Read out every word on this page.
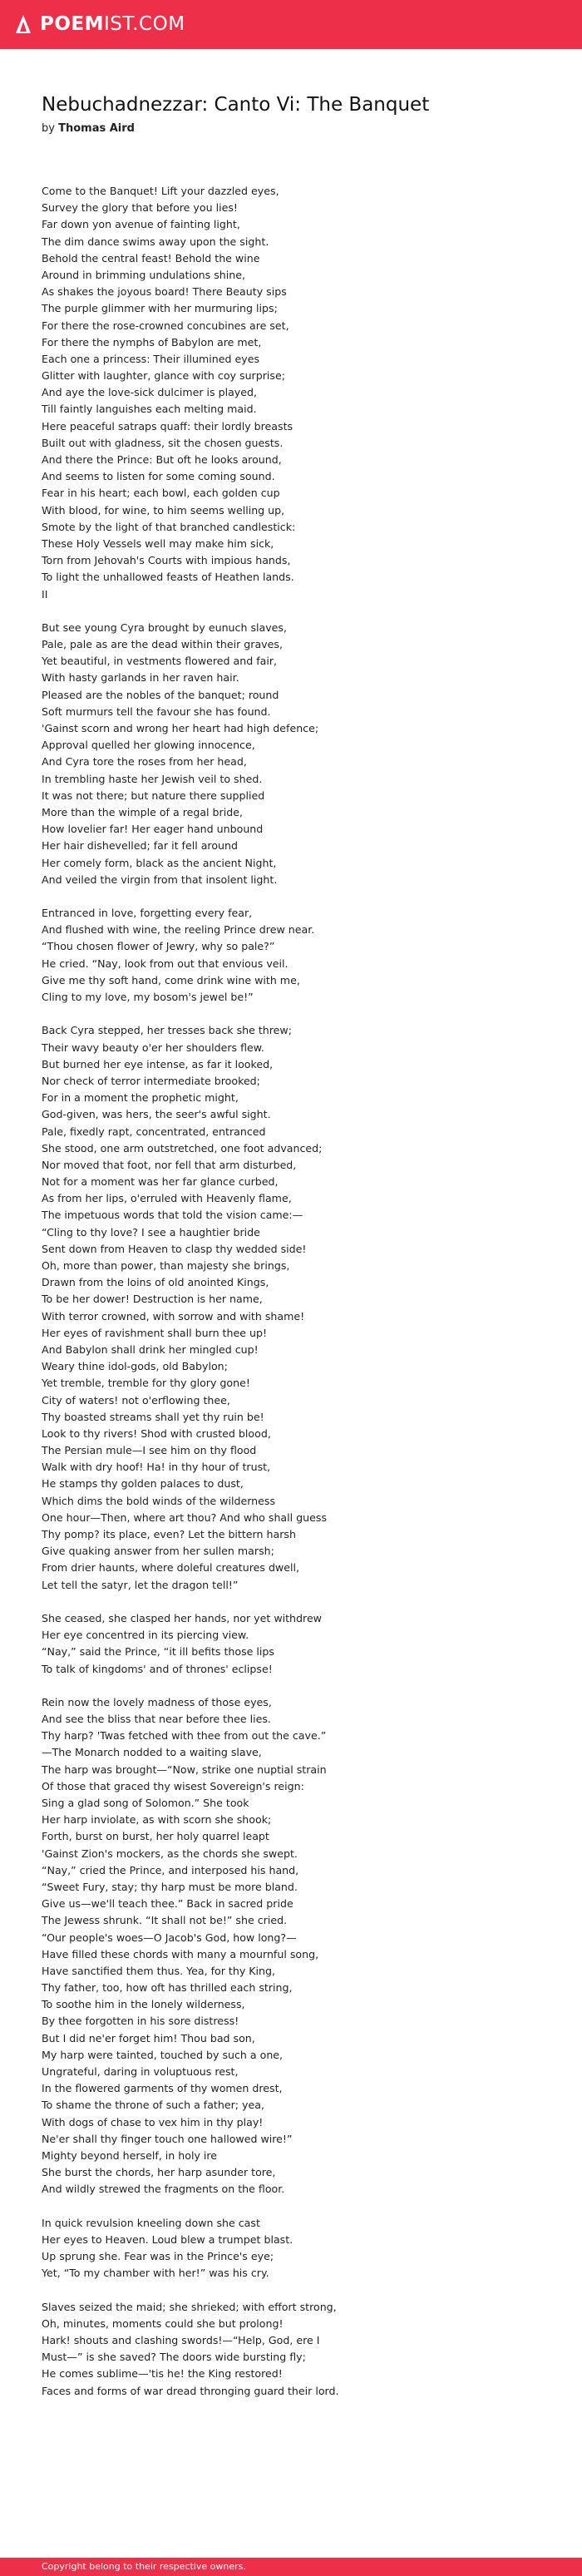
POEMIST.COM
Nebuchadnezzar: Canto Vi: The Banquet
by Thomas Aird
Come to the Banquet! Lift your dazzled eyes,
Survey the glory that before you lies!
Far down yon avenue of fainting light,
The dim dance swims away upon the sight.
Behold the central feast! Behold the wine
Around in brimming undulations shine,
As shakes the joyous board! There Beauty sips
The purple glimmer with her murmuring lips;
For there the rose-crowned concubines are set,
For there the nymphs of Babylon are met,
Each one a princess: Their illumined eyes
Glitter with laughter, glance with coy surprise;
And aye the love-sick dulcimer is played,
Till faintly languishes each melting maid.
Here peaceful satraps quaff: their lordly breasts
Built out with gladness, sit the chosen guests.
And there the Prince: But oft he looks around,
And seems to listen for some coming sound.
Fear in his heart; each bowl, each golden cup
With blood, for wine, to him seems welling up,
Smote by the light of that branched candlestick:
These Holy Vessels well may make him sick,
Torn from Jehovah's Courts with impious hands,
To light the unhallowed feasts of Heathen lands.
II
But see young Cyra brought by eunuch slaves,
Pale, pale as are the dead within their graves,
Yet beautiful, in vestments flowered and fair,
With hasty garlands in her raven hair.
Pleased are the nobles of the banquet; round
Soft murmurs tell the favour she has found.
'Gainst scorn and wrong her heart had high defence;
Approval quelled her glowing innocence,
And Cyra tore the roses from her head,
In trembling haste her Jewish veil to shed.
It was not there; but nature there supplied
More than the wimple of a regal bride,
How lovelier far! Her eager hand unbound
Her hair dishevelled; far it fell around
Her comely form, black as the ancient Night,
And veiled the virgin from that insolent light.
Entranced in love, forgetting every fear,
And flushed with wine, the reeling Prince drew near.
“Thou chosen flower of Jewry, why so pale?”
He cried. “Nay, look from out that envious veil.
Give me thy soft hand, come drink wine with me,
Cling to my love, my bosom's jewel be!”
Back Cyra stepped, her tresses back she threw;
Their wavy beauty o'er her shoulders flew.
But burned her eye intense, as far it looked,
Nor check of terror intermediate brooked;
For in a moment the prophetic might,
God-given, was hers, the seer's awful sight.
Pale, fixedly rapt, concentrated, entranced
She stood, one arm outstretched, one foot advanced;
Nor moved that foot, nor fell that arm disturbed,
Not for a moment was her far glance curbed,
As from her lips, o'erruled with Heavenly flame,
The impetuous words that told the vision came:—
“Cling to thy love? I see a haughtier bride
Sent down from Heaven to clasp thy wedded side!
Oh, more than power, than majesty she brings,
Drawn from the loins of old anointed Kings,
To be her dower! Destruction is her name,
With terror crowned, with sorrow and with shame!
Her eyes of ravishment shall burn thee up!
And Babylon shall drink her mingled cup!
Weary thine idol-gods, old Babylon;
Yet tremble, tremble for thy glory gone!
City of waters! not o'erflowing thee,
Thy boasted streams shall yet thy ruin be!
Look to thy rivers! Shod with crusted blood,
The Persian mule—I see him on thy flood
Walk with dry hoof! Ha! in thy hour of trust,
He stamps thy golden palaces to dust,
Which dims the bold winds of the wilderness
One hour—Then, where art thou? And who shall guess
Thy pomp? its place, even? Let the bittern harsh
Give quaking answer from her sullen marsh;
From drier haunts, where doleful creatures dwell,
Let tell the satyr, let the dragon tell!”
She ceased, she clasped her hands, nor yet withdrew
Her eye concentred in its piercing view.
“Nay,” said the Prince, “it ill befits those lips
To talk of kingdoms' and of thrones' eclipse!
Rein now the lovely madness of those eyes,
And see the bliss that near before thee lies.
Thy harp? 'Twas fetched with thee from out the cave.”
—The Monarch nodded to a waiting slave,
The harp was brought—“Now, strike one nuptial strain
Of those that graced thy wisest Sovereign's reign:
Sing a glad song of Solomon.” She took
Her harp inviolate, as with scorn she shook;
Forth, burst on burst, her holy quarrel leapt
'Gainst Zion's mockers, as the chords she swept.
“Nay,” cried the Prince, and interposed his hand,
“Sweet Fury, stay; thy harp must be more bland.
Give us—we'll teach thee.” Back in sacred pride
The Jewess shrunk. “It shall not be!” she cried.
“Our people's woes—O Jacob's God, how long?—
Have filled these chords with many a mournful song,
Have sanctified them thus. Yea, for thy King,
Thy father, too, how oft has thrilled each string,
To soothe him in the lonely wilderness,
By thee forgotten in his sore distress!
But I did ne'er forget him! Thou bad son,
My harp were tainted, touched by such a one,
Ungrateful, daring in voluptuous rest,
In the flowered garments of thy women drest,
To shame the throne of such a father; yea,
With dogs of chase to vex him in thy play!
Ne'er shall thy finger touch one hallowed wire!”
Mighty beyond herself, in holy ire
She burst the chords, her harp asunder tore,
And wildly strewed the fragments on the floor.
In quick revulsion kneeling down she cast
Her eyes to Heaven. Loud blew a trumpet blast.
Up sprung she. Fear was in the Prince's eye;
Yet, “To my chamber with her!” was his cry.
Slaves seized the maid; she shrieked; with effort strong,
Oh, minutes, moments could she but prolong!
Hark! shouts and clashing swords!—“Help, God, ere I
Must—” is she saved? The doors wide bursting fly;
He comes sublime—'tis he! the King restored!
Faces and forms of war dread thronging guard their lord.
Copyright belong to their respective owners.
